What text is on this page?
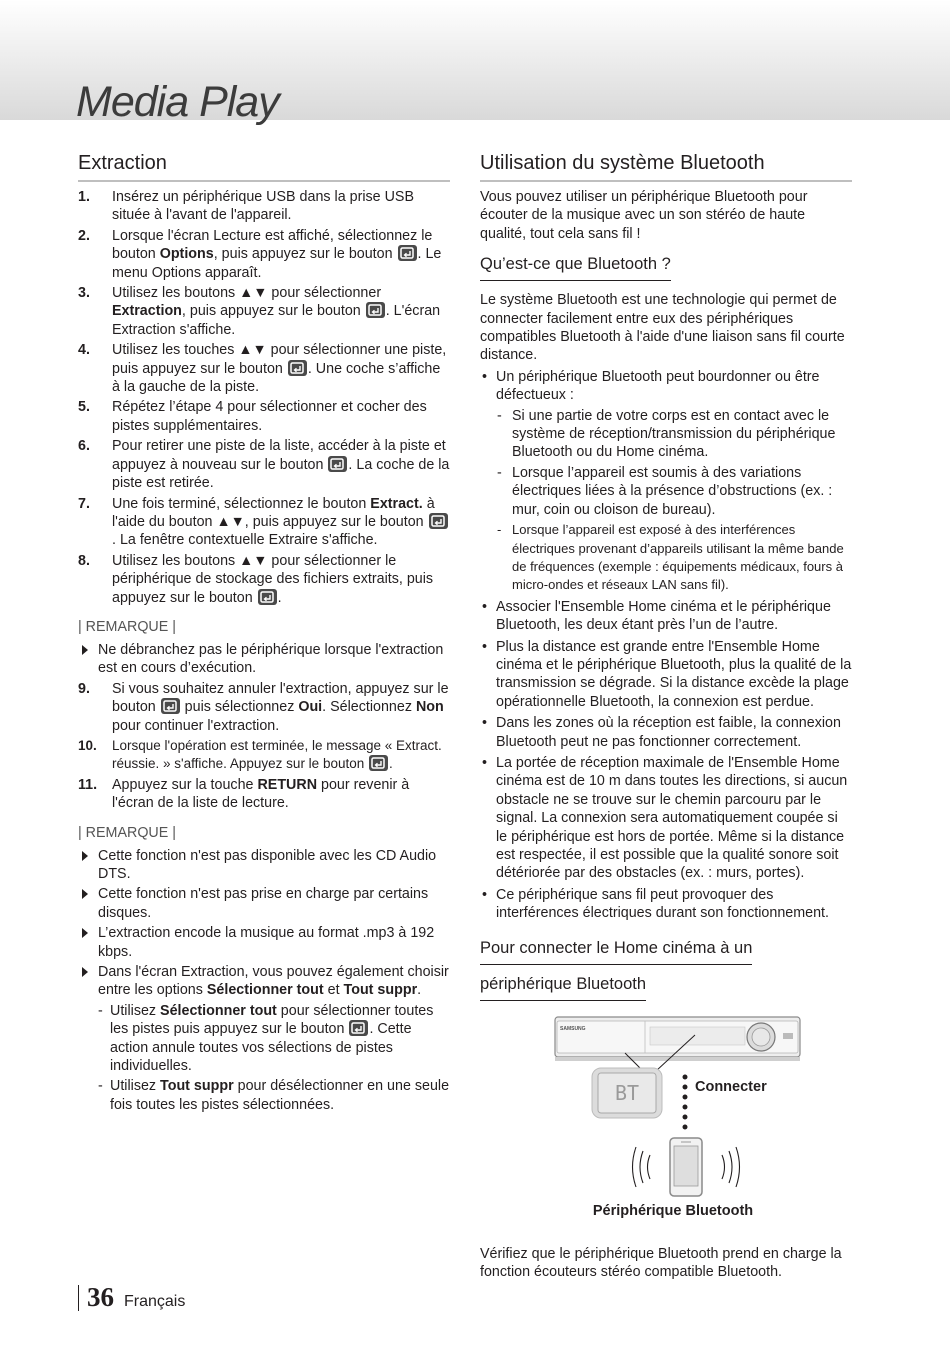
Media Play
Extraction
1. Insérez un périphérique USB dans la prise USB située à l'avant de l'appareil.
2. Lorsque l'écran Lecture est affiché, sélectionnez le bouton Options, puis appuyez sur le bouton
. Le menu Options apparaît.
3. Utilisez les boutons ▲▼ pour sélectionner Extraction, puis appuyez sur le bouton
. L'écran Extraction s'affiche.
4. Utilisez les touches ▲▼ pour sélectionner une piste, puis appuyez sur le bouton
. Une coche s’affiche à la gauche de la piste.
5. Répétez l’étape 4 pour sélectionner et cocher des pistes supplémentaires.
6. Pour retirer une piste de la liste, accéder à la piste et appuyez à nouveau sur le bouton
. La coche de la piste est retirée.
7. Une fois terminé, sélectionnez le bouton Extract. à l'aide du bouton ▲▼, puis appuyez sur le bouton
. La fenêtre contextuelle Extraire s'affiche.
8. Utilisez les boutons ▲▼ pour sélectionner le périphérique de stockage des fichiers extraits, puis appuyez sur le bouton
.
| REMARQUE |
Ne débranchez pas le périphérique lorsque l'extraction est en cours d’exécution.
9. Si vous souhaitez annuler l'extraction, appuyez sur le bouton
puis sélectionnez Oui. Sélectionnez Non pour continuer l'extraction.
10. Lorsque l'opération est terminée, le message « Extract. réussie. » s'affiche. Appuyez sur le bouton
.
11. Appuyez sur la touche RETURN pour revenir à l'écran de la liste de lecture.
| REMARQUE |
Cette fonction n'est pas disponible avec les CD Audio DTS.
Cette fonction n'est pas prise en charge par certains disques.
L’extraction encode la musique au format .mp3 à 192 kbps.
Dans l'écran Extraction, vous pouvez également choisir entre les options Sélectionner tout et Tout suppr.
- Utilisez Sélectionner tout pour sélectionner toutes les pistes puis appuyez sur le bouton
. Cette action annule toutes vos sélections de pistes individuelles.
- Utilisez Tout suppr pour désélectionner en une seule fois toutes les pistes sélectionnées.
Utilisation du système Bluetooth
Vous pouvez utiliser un périphérique Bluetooth pour écouter de la musique avec un son stéréo de haute qualité, tout cela sans fil !
Qu’est-ce que Bluetooth ?
Le système Bluetooth est une technologie qui permet de connecter facilement entre eux des périphériques compatibles Bluetooth à l'aide d'une liaison sans fil courte distance.
• Un périphérique Bluetooth peut bourdonner ou être défectueux :
- Si une partie de votre corps est en contact avec le système de réception/transmission du périphérique Bluetooth ou du Home cinéma.
- Lorsque l’appareil est soumis à des variations électriques liées à la présence d’obstructions (ex. : mur, coin ou cloison de bureau).
- Lorsque l’appareil est exposé à des interférences électriques provenant d’appareils utilisant la même bande de fréquences (exemple : équipements médicaux, fours à micro-ondes et réseaux LAN sans fil).
• Associer l'Ensemble Home cinéma et le périphérique Bluetooth, les deux étant près l’un de l’autre.
• Plus la distance est grande entre l'Ensemble Home cinéma et le périphérique Bluetooth, plus la qualité de la transmission se dégrade. Si la distance excède la plage opérationnelle Bluetooth, la connexion est perdue.
• Dans les zones où la réception est faible, la connexion Bluetooth peut ne pas fonctionner correctement.
• La portée de réception maximale de l'Ensemble Home cinéma est de 10 m dans toutes les directions, si aucun obstacle ne se trouve sur le chemin parcouru par le signal. La connexion sera automatiquement coupée si le périphérique est hors de portée. Même si la distance est respectée, il est possible que la qualité sonore soit détériorée par des obstacles (ex. : murs, portes).
• Ce périphérique sans fil peut provoquer des interférences électriques durant son fonctionnement.
Pour connecter le Home cinéma à un
périphérique Bluetooth
SAMSUNG
BT	Connecter
Périphérique Bluetooth
Vérifiez que le périphérique Bluetooth prend en charge la fonction écouteurs stéréo compatible Bluetooth.
36 Français
